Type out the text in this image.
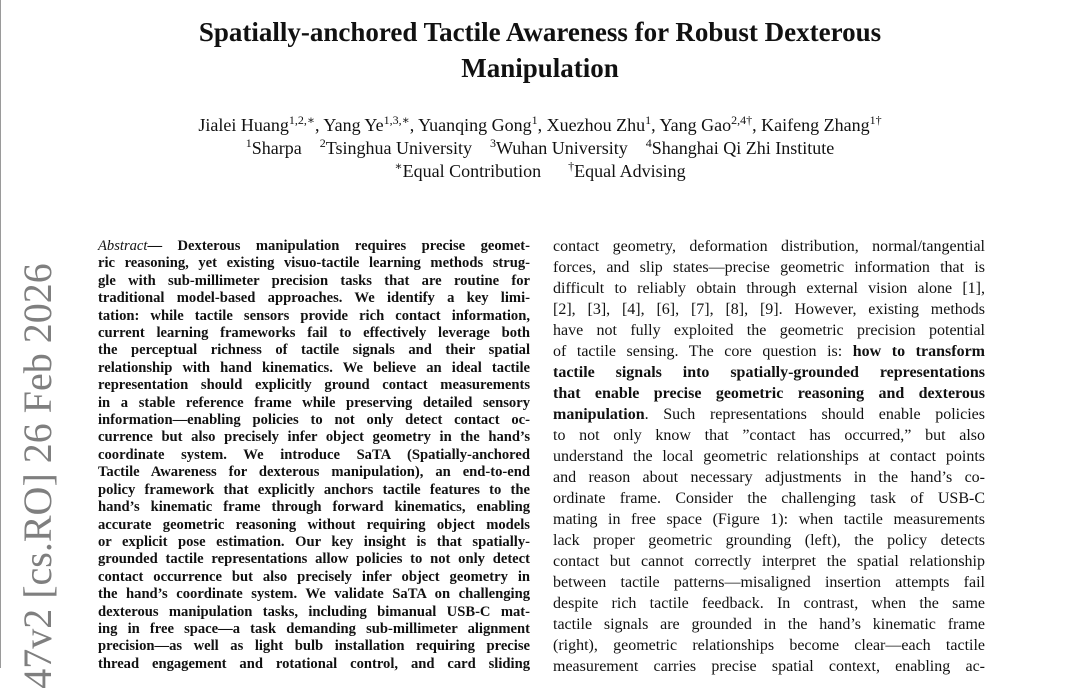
Spatially-anchored Tactile Awareness for Robust Dexterous
Manipulation
Jialei Huang$^{1,2,∗}$, Yang $Ye^{1,3,∗}$, Yuanqing Gong$^1$, Xuezhou Zhu$^1$, Yang Gao$^{2,4\dagger}$, Kaifeng Zhang$^{1\dagger}$
$^1$Sharpa $^2$Tsinghua University $^3$Wuhan University $^4$Shanghai Qi Zhi Institute
∗Equal Contribution †Equal Advising
47v2 [cs.RO] 26 Feb 2026
Abstract— Dexterous manipulation requires precise geomet-
ric reasoning, yet existing visuo-tactile learning methods strug-
gle with sub-millimeter precision tasks that are routine for
traditional model-based approaches. We identify a key limi-
tation: while tactile sensors provide rich contact information,
current learning frameworks fail to effectively leverage both
the perceptual richness of tactile signals and their spatial
relationship with hand kinematics. We believe an ideal tactile
representation should explicitly ground contact measurements
in a stable reference frame while preserving detailed sensory
information—enabling policies to not only detect contact oc-
currence but also precisely infer object geometry in the hand’s
coordinate system. We introduce SaTA (Spatially-anchored
Tactile Awareness for dexterous manipulation), an end-to-end
policy framework that explicitly anchors tactile features to the
hand’s kinematic frame through forward kinematics, enabling
accurate geometric reasoning without requiring object models
or explicit pose estimation. Our key insight is that spatially-
grounded tactile representations allow policies to not only detect
contact occurrence but also precisely infer object geometry in
the hand’s coordinate system. We validate SaTA on challenging
dexterous manipulation tasks, including bimanual USB-C mat-
ing in free space—a task demanding sub-millimeter alignment
precision—as well as light bulb installation requiring precise
thread engagement and rotational control, and card sliding
contact geometry, deformation distribution, normal/tangential
forces, and slip states—precise geometric information that is
difficult to reliably obtain through external vision alone [1],
[2], [3], [4], [6], [7], [8], [9]. However, existing methods
have not fully exploited the geometric precision potential
of tactile sensing. The core question is: how to transform
tactile signals into spatially-grounded representations
that enable precise geometric reasoning and dexterous
manipulation. Such representations should enable policies
to not only know that ”contact has occurred,” but also
understand the local geometric relationships at contact points
and reason about necessary adjustments in the hand’s co-
ordinate frame. Consider the challenging task of USB-C
mating in free space (Figure 1): when tactile measurements
lack proper geometric grounding (left), the policy detects
contact but cannot correctly interpret the spatial relationship
between tactile patterns—misaligned insertion attempts fail
despite rich tactile feedback. In contrast, when the same
tactile signals are grounded in the hand’s kinematic frame
(right), geometric relationships become clear—each tactile
measurement carries precise spatial context, enabling ac-
